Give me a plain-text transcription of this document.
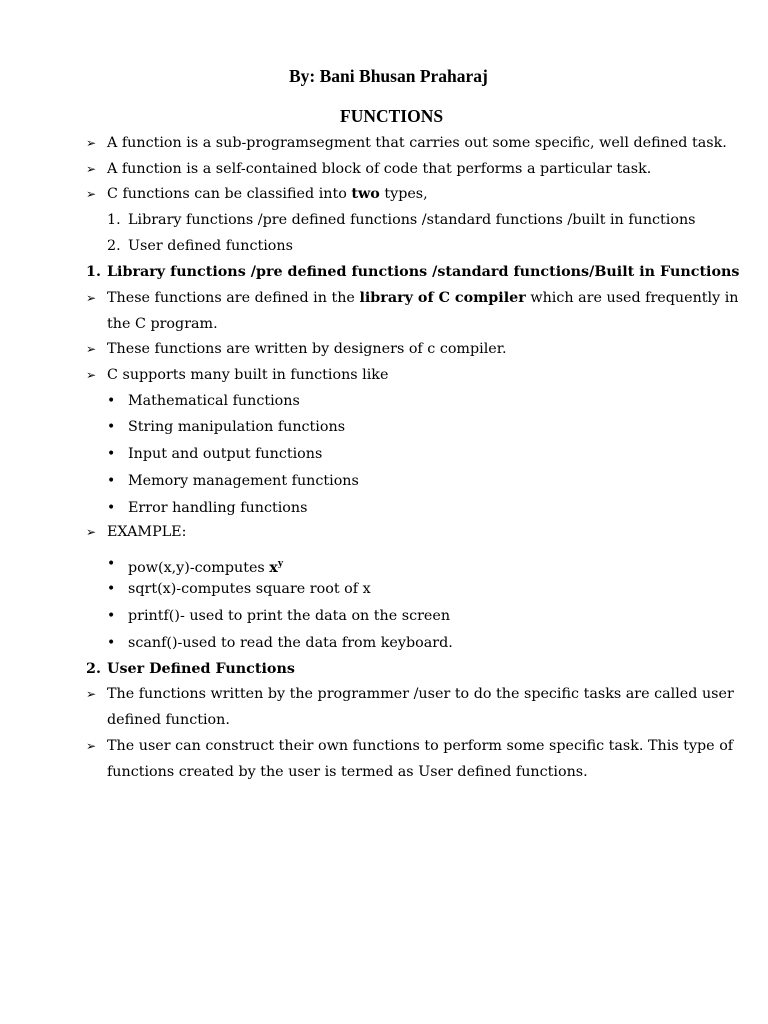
By: Bani Bhusan Praharaj
FUNCTIONS
➢ A function is a sub-programsegment that carries out some specific, well defined task.
➢ A function is a self-contained block of code that performs a particular task.
➢ C functions can be classified into two types,
1. Library functions /pre defined functions /standard functions /built in functions
2. User defined functions
1. Library functions /pre defined functions /standard functions/Built in Functions
➢ These functions are defined in the library of C compiler which are used frequently in
the C program.
➢ These functions are written by designers of c compiler.
➢ C supports many built in functions like
• Mathematical functions
• String manipulation functions
• Input and output functions
• Memory management functions
• Error handling functions
➢ EXAMPLE:
• pow(x,y)-computes $x^y$
• sqrt(x)-computes square root of x
• printf()- used to print the data on the screen
• scanf()-used to read the data from keyboard.
2. User Defined Functions
➢ The functions written by the programmer /user to do the specific tasks are called user
defined function.
➢ The user can construct their own functions to perform some specific task. This type of
functions created by the user is termed as User defined functions.
